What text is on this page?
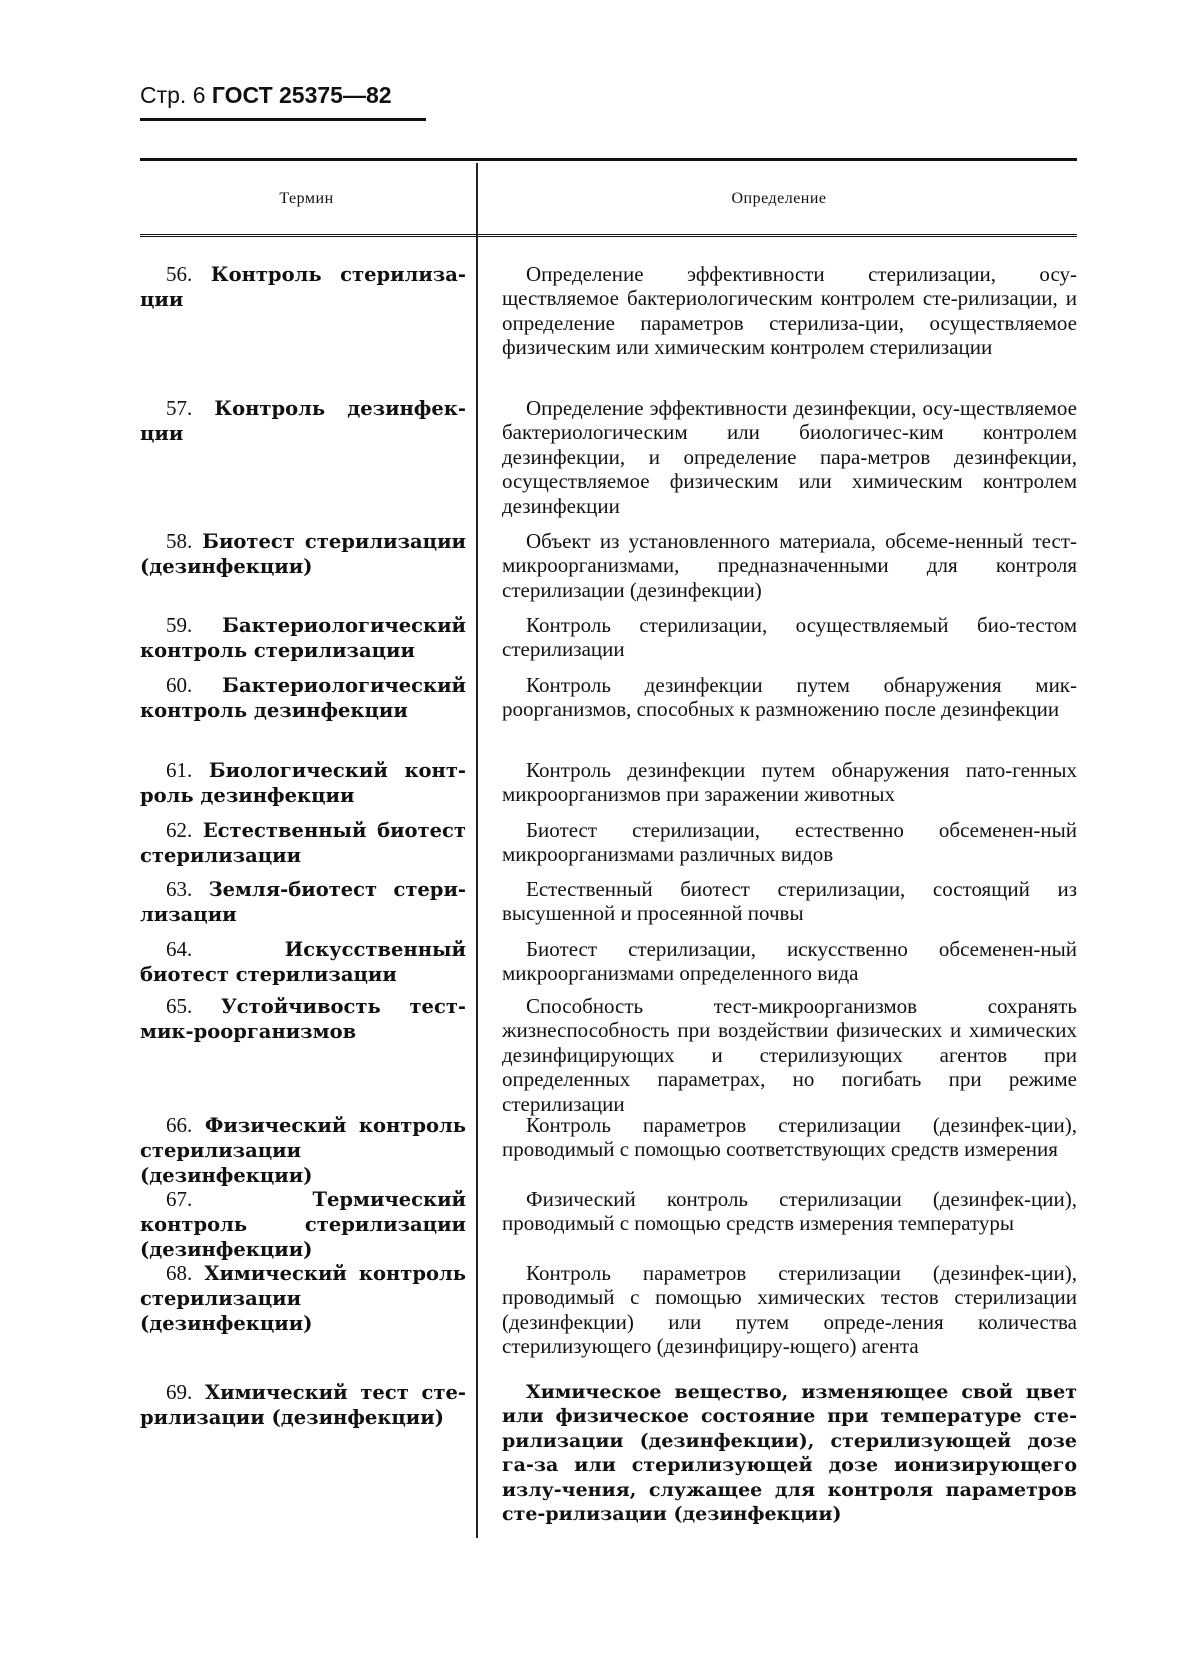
Стр. 6 ГОСТ 25375—82
Термин	Определение
56. Контроль стерилиза-ции
Определение эффективности стерилизации, осу-ществляемое бактериологическим контролем сте-рилизации, и определение параметров стерилиза-ции, осуществляемое физическим или химическим контролем стерилизации
57. Контроль дезинфек-ции
Определение эффективности дезинфекции, осу-ществляемое бактериологическим или биологичес-ким контролем дезинфекции, и определение пара-метров дезинфекции, осуществляемое физическим или химическим контролем дезинфекции
58. Биотест стерилизации (дезинфекции)
Объект из установленного материала, обсеме-ненный тест-микроорганизмами, предназначенными для контроля стерилизации (дезинфекции)
59. Бактериологический контроль стерилизации
Контроль стерилизации, осуществляемый био-тестом стерилизации
60. Бактериологический контроль дезинфекции
Контроль дезинфекции путем обнаружения мик-роорганизмов, способных к размножению после дезинфекции
61. Биологический конт-роль дезинфекции
Контроль дезинфекции путем обнаружения пато-генных микроорганизмов при заражении животных
62. Естественный биотест стерилизации
Биотест стерилизации, естественно обсеменен-ный микроорганизмами различных видов
63. Земля-биотест стери-лизации
Естественный биотест стерилизации, состоящий из высушенной и просеянной почвы
64.	Искусственный биотест стерилизации
Биотест стерилизации, искусственно обсеменен-ный микроорганизмами определенного вида
65. Устойчивость тест-мик-роорганизмов
Способность тест-микроорганизмов сохранять жизнеспособность при воздействии физических и химических дезинфицирующих и стерилизующих агентов при определенных параметрах, но погибать при режиме стерилизации
66. Физический контроль стерилизации (дезинфекции)
Контроль параметров стерилизации (дезинфек-ции), проводимый с помощью соответствующих средств измерения
67.	Термический контроль стерилизации (дезинфекции)
Физический контроль стерилизации (дезинфек-ции), проводимый с помощью средств измерения температуры
68. Химический контроль стерилизации (дезинфекции)
Контроль параметров стерилизации (дезинфек-ции), проводимый с помощью химических тестов стерилизации (дезинфекции) или путем опреде-ления количества стерилизующего (дезинфициру-ющего) агента
69. Химический тест сте-рилизации (дезинфекции)
Химическое вещество, изменяющее свой цвет или физическое состояние при температуре сте-рилизации (дезинфекции), стерилизующей дозе га-за или стерилизующей дозе ионизирующего излу-чения, служащее для контроля параметров сте-рилизации (дезинфекции)
